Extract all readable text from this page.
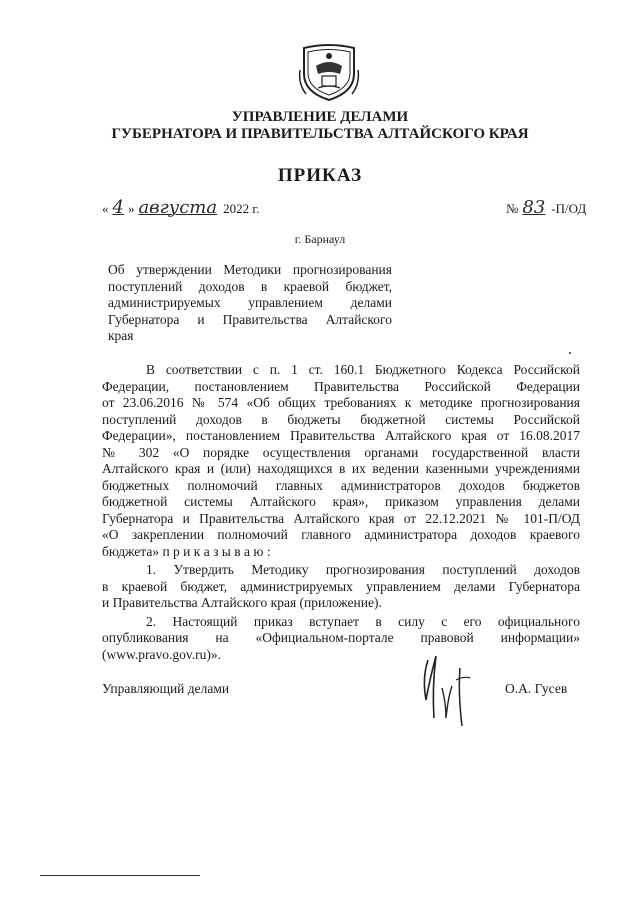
УПРАВЛЕНИЕ ДЕЛАМИ
ГУБЕРНАТОРА И ПРАВИТЕЛЬСТВА АЛТАЙСКОГО КРАЯ
ПРИКАЗ
« 4 » августа 2022 г.	№ 83 -П/ОД
г. Барнаул
Об утверждении Методики прогнозирования
поступлений доходов в краевой бюджет,
администрируемых управлением делами
Губернатора и Правительства Алтайского
края
В соответствии с п. 1 ст. 160.1 Бюджетного Кодекса Российской
Федерации, постановлением Правительства Российской Федерации
от 23.06.2016 № 574 «Об общих требованиях к методике прогнозирования
поступлений доходов в бюджеты бюджетной системы Российской
Федерации», постановлением Правительства Алтайского края от 16.08.2017
№ 302 «О порядке осуществления органами государственной власти
Алтайского края и (или) находящихся в их ведении казенными учреждениями
бюджетных полномочий главных администраторов доходов бюджетов
бюджетной системы Алтайского края», приказом управления делами
Губернатора и Правительства Алтайского края от 22.12.2021 № 101-П/ОД
«О закреплении полномочий главного администратора доходов краевого
бюджета» п р и к а з ы в а ю :
1. Утвердить Методику прогнозирования поступлений доходов
в краевой бюджет, администрируемых управлением делами Губернатора
и Правительства Алтайского края (приложение).
2. Настоящий приказ вступает в силу с его официального
опубликования на «Официальном-портале правовой информации»
(www.pravo.gov.ru)».
Управляющий делами	О.А. Гусев
